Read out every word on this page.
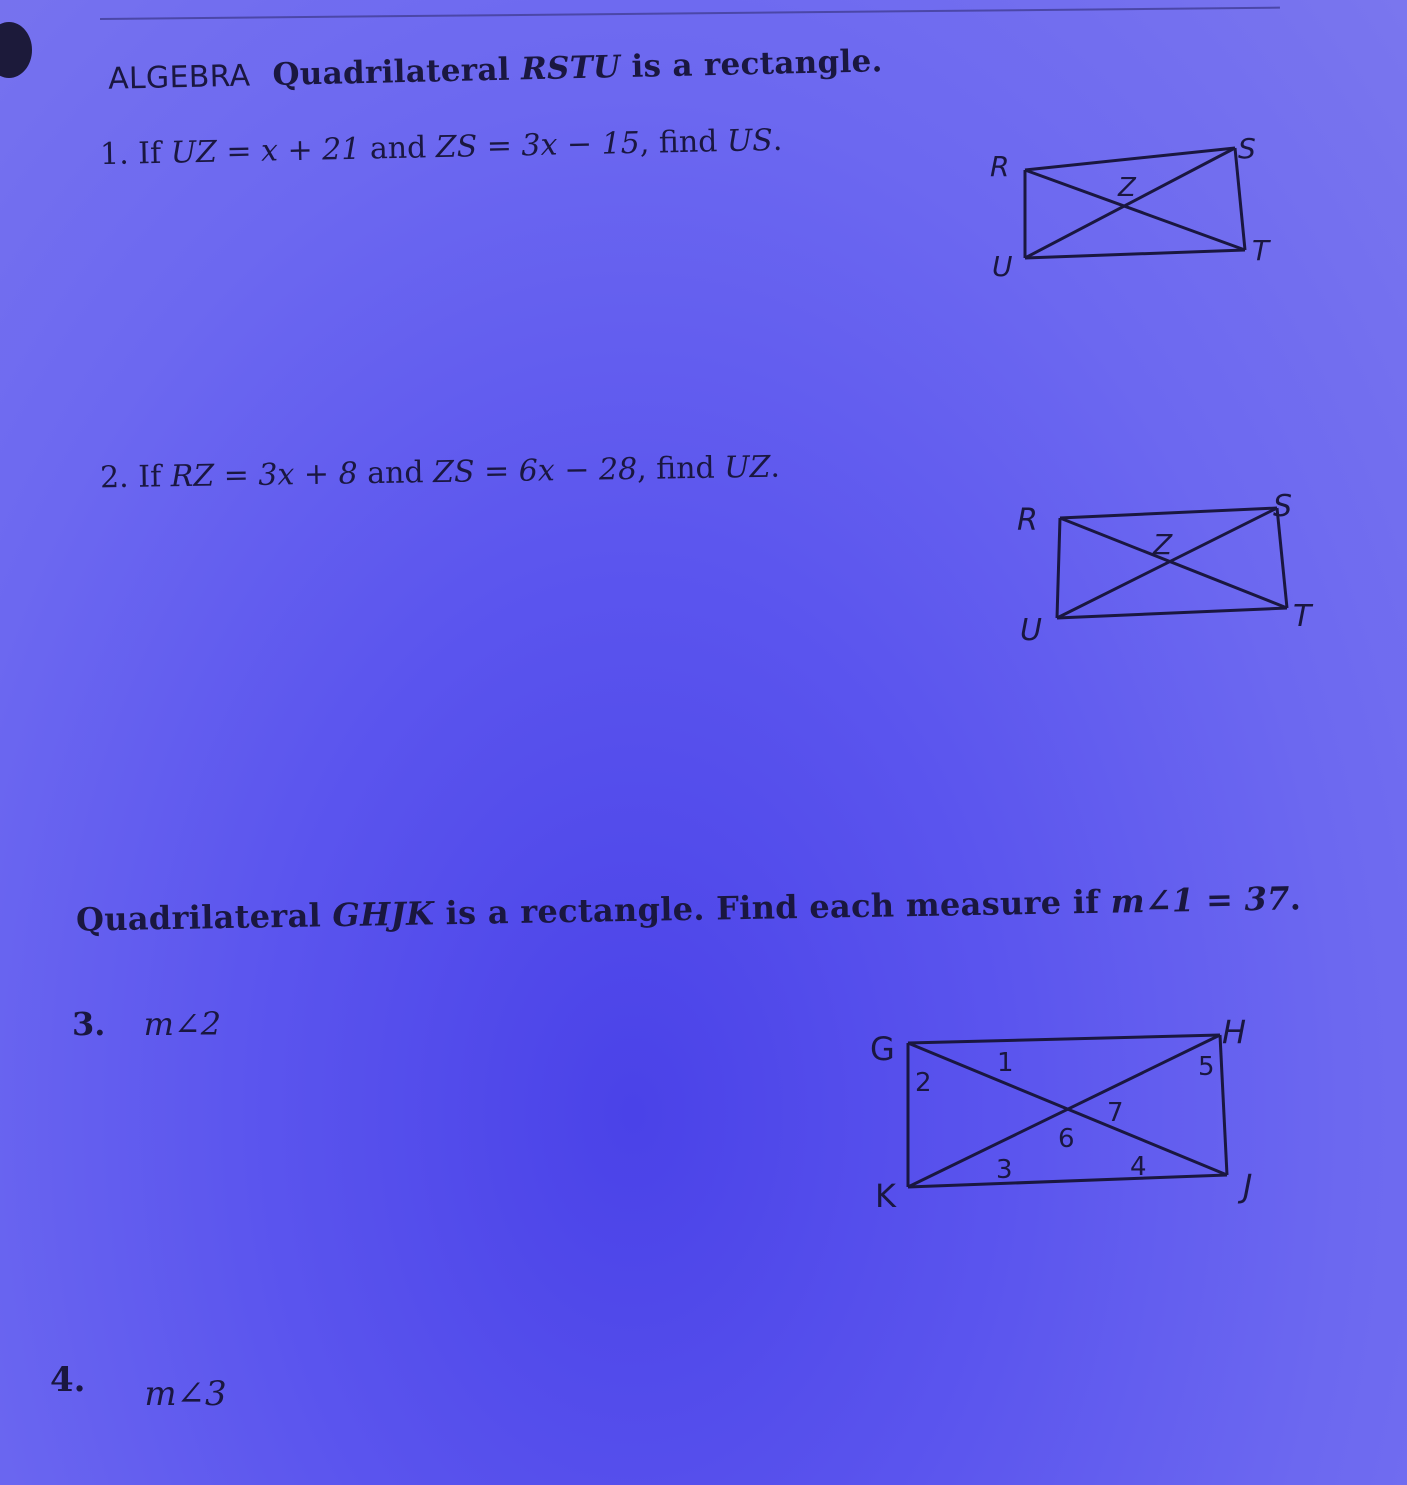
ALGEBRA Quadrilateral RSTU is a rectangle.
1. If UZ = x + 21 and ZS = 3x − 15, find US.
R
S
T
U
Z
2. If RZ = 3x + 8 and ZS = 6x − 28, find UZ.
R	S
T
U
Z
Quadrilateral GHJK is a rectangle. Find each measure if m∠1 = 37.
3. m∠2
G	H
J
K
1
2
3	4
5
6
7
4. m∠3
